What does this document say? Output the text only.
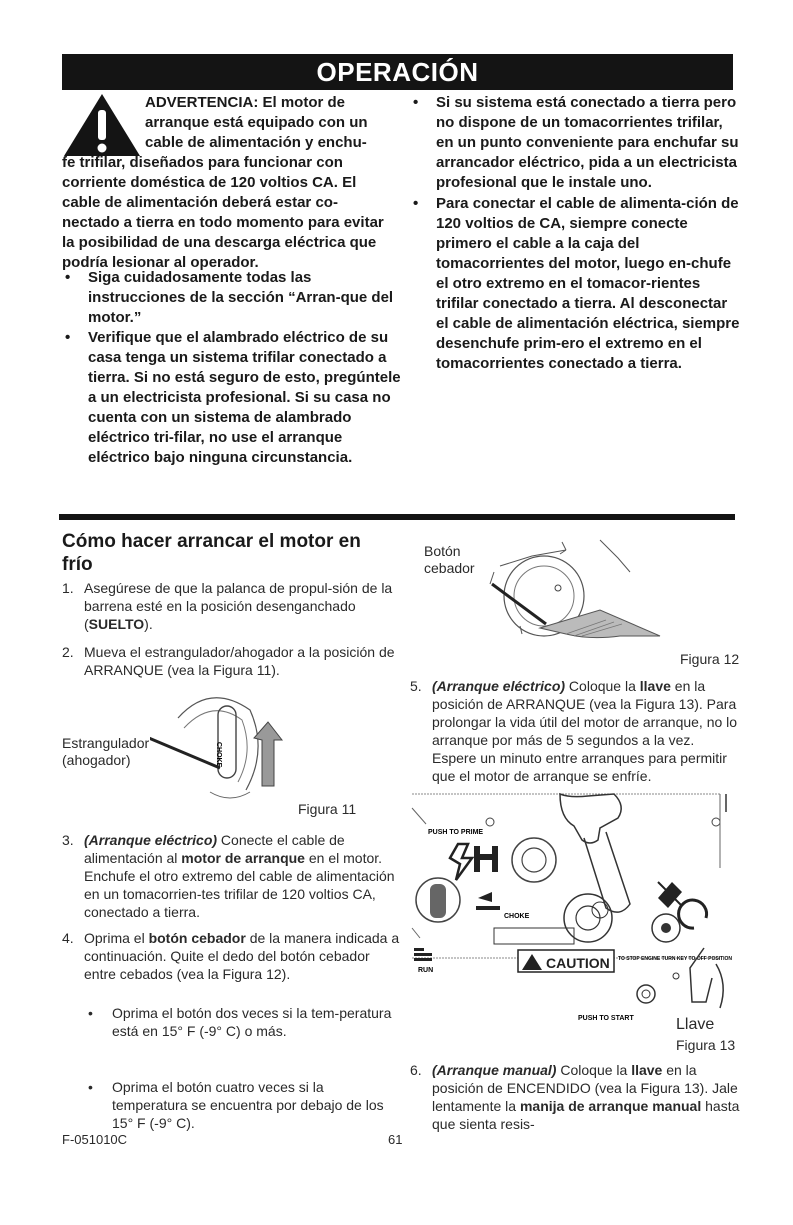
OPERACIÓN
ADVERTENCIA: El motor de arranque está equipado con un cable de alimentación y enchu-
fe trifilar, diseñados para funcionar con corriente doméstica de 120 voltios CA. El cable de alimentación deberá estar co-nectado a tierra en todo momento para evitar la posibilidad de una descarga eléctrica que podría lesionar al operador.
• Siga cuidadosamente todas las instrucciones de la sección “Arran-que del motor.”
• Verifique que el alambrado eléctrico de su casa tenga un sistema trifilar conectado a tierra. Si no está seguro de esto, pregúntele a un electricista profesional. Si su casa no cuenta con un sistema de alambrado eléctrico tri-filar, no use el arranque eléctrico bajo ninguna circunstancia.
• Si su sistema está conectado a tierra pero no dispone de un tomacorrientes trifilar, en un punto conveniente para enchufar su arrancador eléctrico, pida a un electricista profesional que le instale uno.
• Para conectar el cable de alimenta-ción de 120 voltios de CA, siempre conecte primero el cable a la caja del tomacorrientes del motor, luego en-chufe el otro extremo en el tomacor-rientes trifilar conectado a tierra. Al desconectar el cable de alimentación eléctrica, siempre desenchufe prim-ero el extremo en el tomacorrientes conectado a tierra.
Cómo hacer arrancar el motor en frío
1. Asegúrese de que la palanca de propul-sión de la barrena esté en la posición desenganchado (SUELTO).
2. Mueva el estrangulador/ahogador a la posición de ARRANQUE (vea la Figura 11).
Estrangulador
(ahogador)	CHOKE
Figura 11
3. (Arranque eléctrico) Conecte el cable de alimentación al motor de arranque en el motor. Enchufe el otro extremo del cable de alimentación en un tomacorrien-tes trifilar de 120 voltios CA, conectado a tierra.
4. Oprima el botón cebador de la manera indicada a continuación. Quite el dedo del botón cebador entre cebados (vea la Figura 12).
• Oprima el botón dos veces si la tem-peratura está en 15° F (-9° C) o más.
• Oprima el botón cuatro veces si la temperatura se encuentra por debajo de los 15° F (-9° C).
Botón
cebador
Figura 12
5. (Arranque eléctrico) Coloque la llave en la posición de ARRANQUE (vea la Figura 13). Para prolongar la vida útil del motor de arranque, no lo arranque por más de 5 segundos a la vez. Espere un minuto entre arranques para permitir que el motor de arranque se enfríe.
PUSH TO PRIME
CHOKE
RUN	CAUTION TO STOP ENGINE TURN KEY TO OFF POSITION
PUSH TO START	Llave
Figura 13
6. (Arranque manual) Coloque la llave en la posición de ENCENDIDO (vea la Figura 13). Jale lentamente la manija de arranque manual hasta que sienta resis-
F-051010C	61
